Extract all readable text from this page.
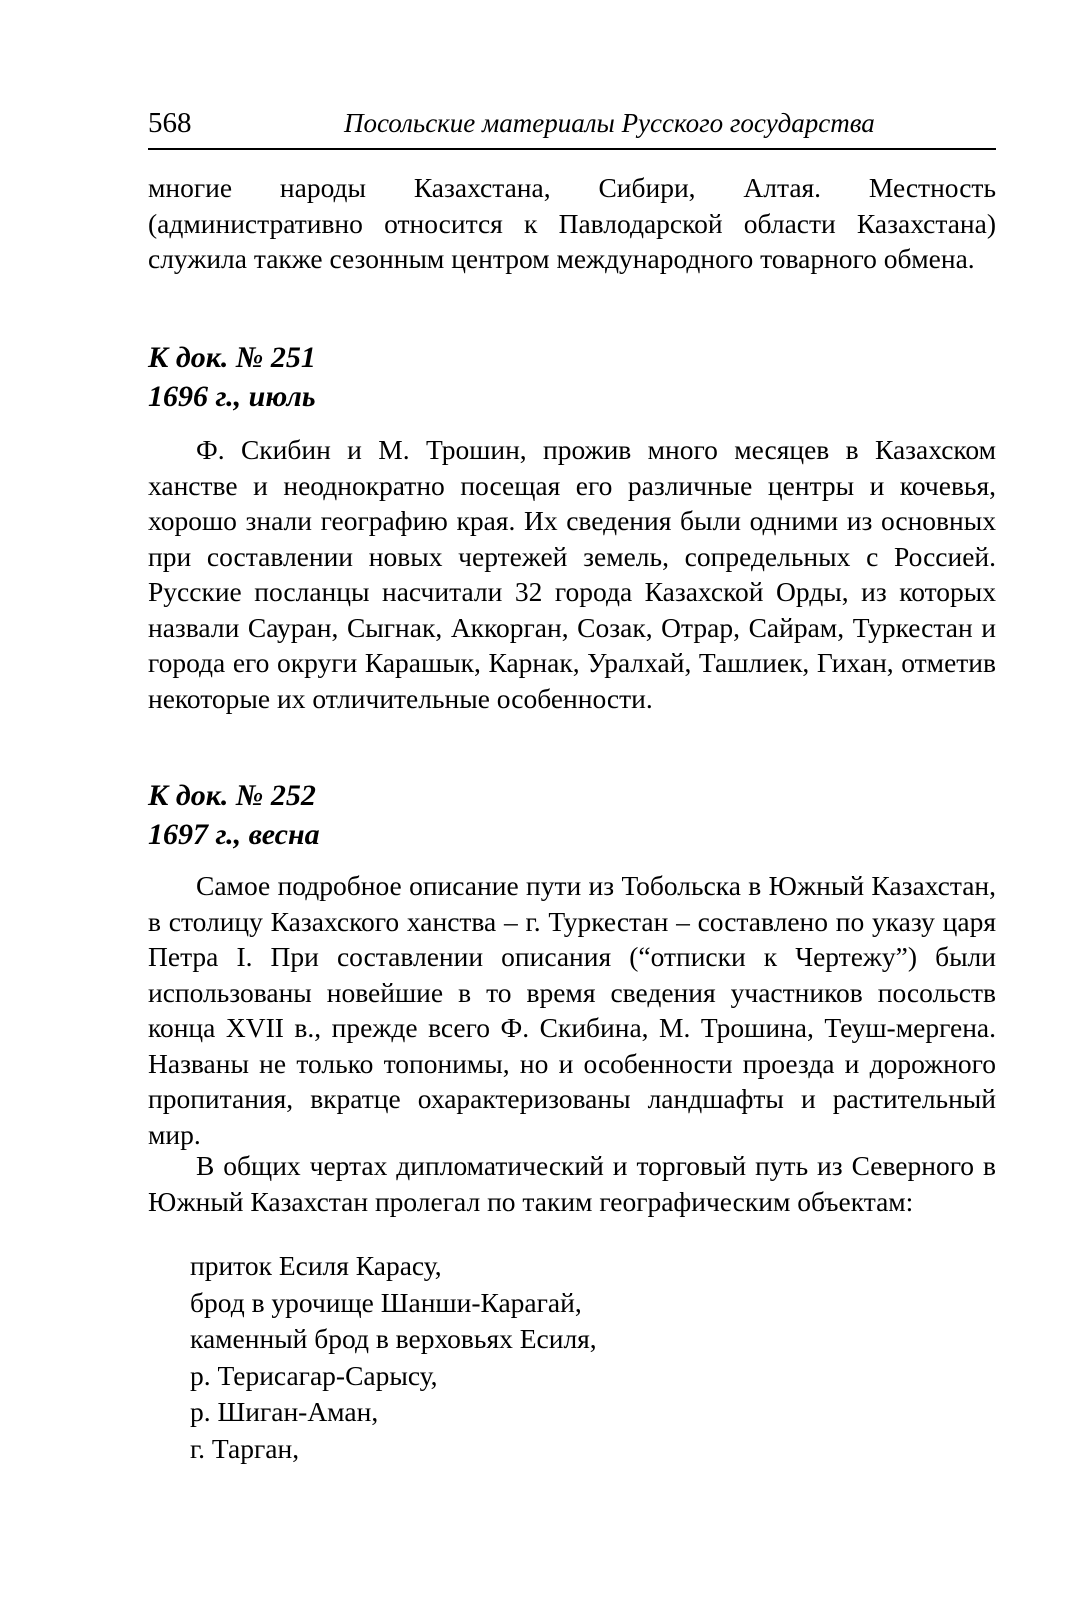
568	Посольские материалы Русского государства

многие народы Казахстана, Сибири, Алтая. Местность (административно относится к Павлодарской области Казахстана) служила также сезонным центром международного товарного обмена.

К док. № 251
1696 г., июль

Ф. Скибин и М. Трошин, прожив много месяцев в Казахском ханстве и неоднократно посещая его различные центры и кочевья, хорошо знали географию края. Их сведения были одними из основных при составлении новых чертежей земель, сопредельных с Россией. Русские посланцы насчитали 32 города Казахской Орды, из которых назвали Сауран, Сыгнак, Аккорган, Созак, Отрар, Сайрам, Туркестан и города его округи Карашык, Карнак, Уралхай, Ташлиек, Гихан, отметив некоторые их отличительные особенности.

К док. № 252
1697 г., весна

Самое подробное описание пути из Тобольска в Южный Казахстан, в столицу Казахского ханства – г. Туркестан – составлено по указу царя Петра I. При составлении описания (“отписки к Чертежу”) были использованы новейшие в то время сведения участников посольств конца XVII в., прежде всего Ф. Скибина, М. Трошина, Теуш-мергена. Названы не только топонимы, но и особенности проезда и дорожного пропитания, вкратце охарактеризованы ландшафты и растительный мир.

В общих чертах дипломатический и торговый путь из Северного в Южный Казахстан пролегал по таким географическим объектам:

приток Есиля Карасу,
брод в урочище Шанши-Карагай,
каменный брод в верховьях Есиля,
р. Терисагар-Сарысу,
р. Шиган-Аман,
г. Тарган,
